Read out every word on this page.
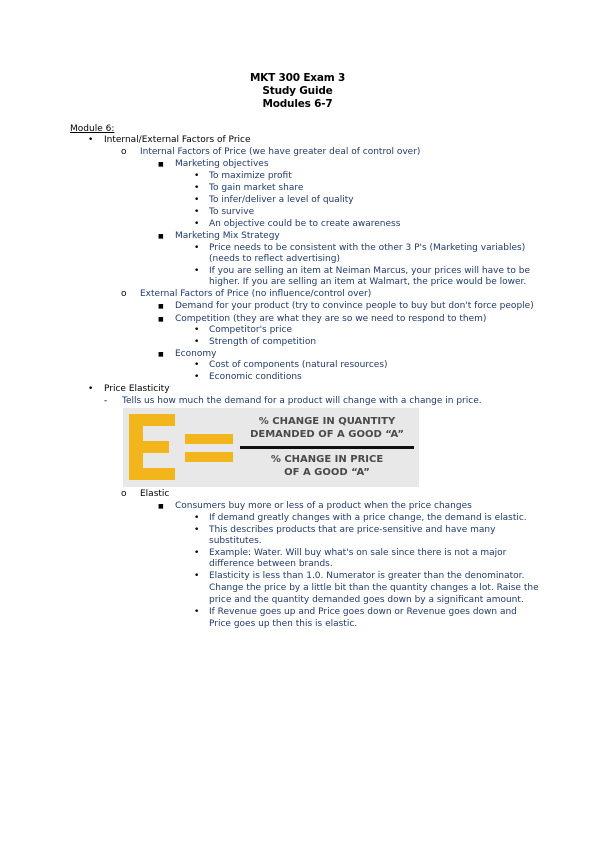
MKT 300 Exam 3
Study Guide
Modules 6-7
Module 6:
• Internal/External Factors of Price
o Internal Factors of Price (we have greater deal of control over)
■ Marketing objectives
• To maximize profit
• To gain market share
• To infer/deliver a level of quality
• To survive
• An objective could be to create awareness
■ Marketing Mix Strategy
• Price needs to be consistent with the other 3 P's (Marketing variables)
(needs to reflect advertising)
• If you are selling an item at Neiman Marcus, your prices will have to be
higher. If you are selling an item at Walmart, the price would be lower.
o External Factors of Price (no influence/control over)
■ Demand for your product (try to convince people to buy but don't force people)
■ Competition (they are what they are so we need to respond to them)
• Competitor's price
• Strength of competition
■ Economy
• Cost of components (natural resources)
• Economic conditions
• Price Elasticity
- Tells us how much the demand for a product will change with a change in price.
% CHANGE IN QUANTITY
DEMANDED OF A GOOD “A”
% CHANGE IN PRICE
OF A GOOD “A”
o Elastic
■ Consumers buy more or less of a product when the price changes
• If demand greatly changes with a price change, the demand is elastic.
• This describes products that are price-sensitive and have many
substitutes.
• Example: Water. Will buy what's on sale since there is not a major
difference between brands.
• Elasticity is less than 1.0. Numerator is greater than the denominator.
Change the price by a little bit than the quantity changes a lot. Raise the
price and the quantity demanded goes down by a significant amount.
• If Revenue goes up and Price goes down or Revenue goes down and
Price goes up then this is elastic.
